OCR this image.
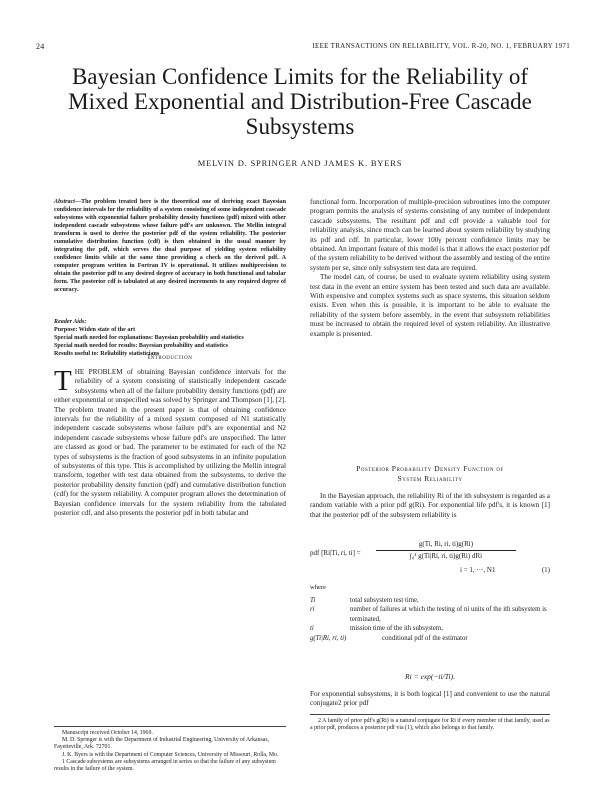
24	IEEE TRANSACTIONS ON RELIABILITY, VOL. R-20, NO. 1, FEBRUARY 1971
Bayesian Confidence Limits for the Reliability of Mixed Exponential and Distribution-Free Cascade Subsystems
MELVIN D. SPRINGER AND JAMES K. BYERS
Abstract—The problem treated here is the theoretical one of deriving exact Bayesian confidence intervals for the reliability of a system consisting of some independent cascade subsystems with exponential failure probability density functions (pdf) mixed with other independent cascade subsystems whose failure pdf's are unknown. The Mellin integral transform is used to derive the posterior pdf of the system reliability. The posterior cumulative distribution function (cdf) is then obtained in the usual manner by integrating the pdf, which serves the dual purpose of yielding system reliability confidence limits while at the same time providing a check on the derived pdf. A computer program written in Fortran IV is operational. It utilizes multiprecision to obtain the posterior pdf to any desired degree of accuracy in both functional and tabular form. The posterior cdf is tabulated at any desired increments to any required degree of accuracy.
Reader Aids:
Purpose: Widen state of the art
Special math needed for explanations: Bayesian probability and statistics
Special math needed for results: Bayesian probability and statistics
Results useful to: Reliability statisticians
Introduction
THE PROBLEM of obtaining Bayesian confidence intervals for the reliability of a system consisting of statistically independent cascade subsystems when all of the failure probability density functions (pdf) are either exponential or unspecified was solved by Springer and Thompson [1], [2]. The problem treated in the present paper is that of obtaining confidence intervals for the reliability of a mixed system composed of N1 statistically independent cascade subsystems whose failure pdf's are exponential and N2 independent cascade subsystems whose failure pdf's are unspecified. The latter are classed as good or bad. The parameter to be estimated for each of the N2 types of subsystems is the fraction of good subsystems in an infinite population of subsystems of this type. This is accomplished by utilizing the Mellin integral transform, together with test data obtained from the subsystems, to derive the posterior probability density function (pdf) and cumulative distribution function (cdf) for the system reliability. A computer program allows the determination of Bayesian confidence intervals for the system reliability from the tabulated posterior cdf, and also presents the posterior pdf in both tabular and

Manuscript received October 14, 1969.

M. D. Springer is with the Department of Industrial Engineering, University of Arkansas, Fayetteville, Ark. 72701.

J. K. Byers is with the Department of Computer Sciences, University of Missouri, Rolla, Mo.

1 Cascade subsystems are subsystems arranged in series so that the failure of any subsystem results in the failure of the system.

functional form. Incorporation of multiple-precision subroutines into the computer program permits the analysis of systems consisting of any number of independent cascade subsystems. The resultant pdf and cdf provide a valuable tool for reliability analysis, since much can be learned about system reliability by studying its pdf and cdf. In particular, lower 100γ percent confidence limits may be obtained. An important feature of this model is that it allows the exact posterior pdf of the system reliability to be derived without the assembly and testing of the entire system per se, since only subsystem test data are required.

The model can, of course, be used to evaluate system reliability using system test data in the event an entire system has been tested and such data are available. With expensive and complex systems such as space systems, this situation seldom exists. Even when this is possible, it is important to be able to evaluate the reliability of the system before assembly, in the event that subsystem reliabilities must be increased to obtain the required level of system reliability. An illustrative example is presented.

Posterior Probability Density Function of
System Reliability

In the Bayesian approach, the reliability Ri of the ith subsystem is regarded as a random variable with a prior pdf g(Ri). For exponential life pdf's, it is known [1] that the posterior pdf of the subsystem reliability is

pdf [Ri|Ti, ri, ti] =
g(Ti, Ri, ri, ti)g(Ri)
∫₀¹ g(Ti|Ri, ri, ti)g(Ri) dRi
i = 1, ···, N1	(1)
where
Ti	total subsystem test time,
ri	number of failures at which the testing of ni units of the ith subsystem is terminated,
ti	mission time of the ith subsystem,
g(Ti|Ri, ri, ti)	conditional pdf of the estimator
Ri = exp(−ti/Ti).

For exponential subsystems, it is both logical [1] and convenient to use the natural conjugate2 prior pdf

2 A family of prior pdf's g(Ri) is a natural conjugate for Ri if every member of that family, used as a prior pdf, produces a posterior pdf via (1), which also belongs to that family.
